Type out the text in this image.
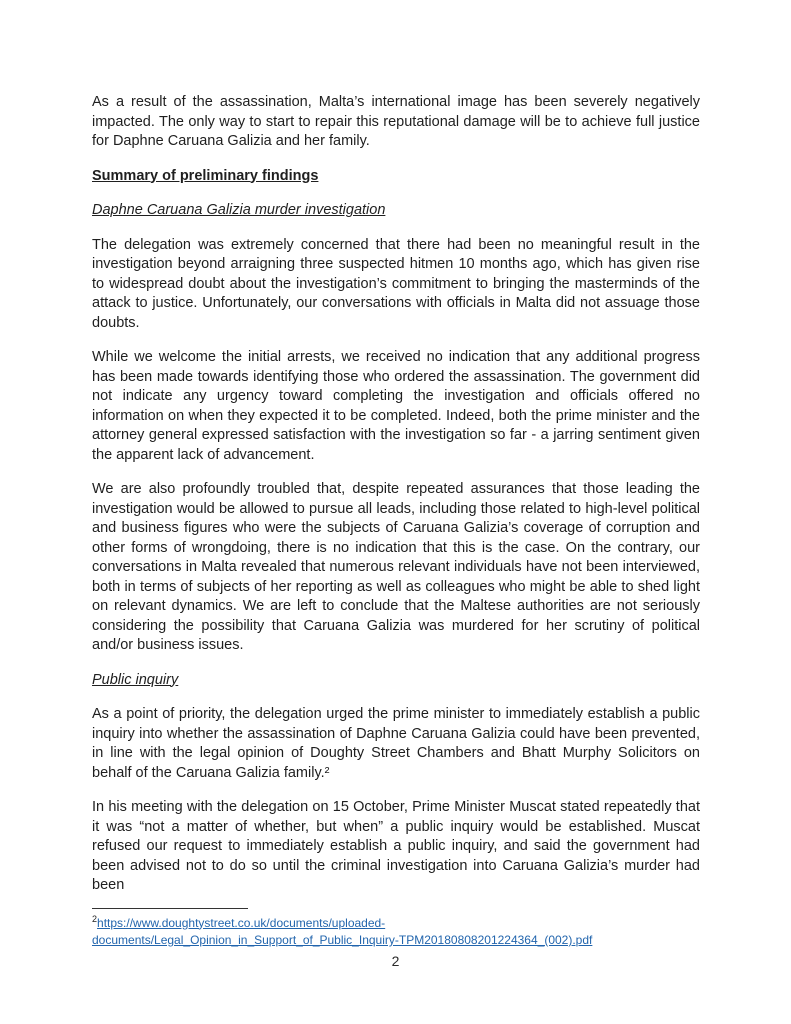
As a result of the assassination, Malta’s international image has been severely negatively impacted. The only way to start to repair this reputational damage will be to achieve full justice for Daphne Caruana Galizia and her family.

Summary of preliminary findings

Daphne Caruana Galizia murder investigation

The delegation was extremely concerned that there had been no meaningful result in the investigation beyond arraigning three suspected hitmen 10 months ago, which has given rise to widespread doubt about the investigation’s commitment to bringing the masterminds of the attack to justice. Unfortunately, our conversations with officials in Malta did not assuage those doubts.

While we welcome the initial arrests, we received no indication that any additional progress has been made towards identifying those who ordered the assassination. The government did not indicate any urgency toward completing the investigation and officials offered no information on when they expected it to be completed. Indeed, both the prime minister and the attorney general expressed satisfaction with the investigation so far - a jarring sentiment given the apparent lack of advancement.

We are also profoundly troubled that, despite repeated assurances that those leading the investigation would be allowed to pursue all leads, including those related to high-level political and business figures who were the subjects of Caruana Galizia’s coverage of corruption and other forms of wrongdoing, there is no indication that this is the case. On the contrary, our conversations in Malta revealed that numerous relevant individuals have not been interviewed, both in terms of subjects of her reporting as well as colleagues who might be able to shed light on relevant dynamics. We are left to conclude that the Maltese authorities are not seriously considering the possibility that Caruana Galizia was murdered for her scrutiny of political and/or business issues.

Public inquiry

As a point of priority, the delegation urged the prime minister to immediately establish a public inquiry into whether the assassination of Daphne Caruana Galizia could have been prevented, in line with the legal opinion of Doughty Street Chambers and Bhatt Murphy Solicitors on behalf of the Caruana Galizia family.²

In his meeting with the delegation on 15 October, Prime Minister Muscat stated repeatedly that it was “not a matter of whether, but when” a public inquiry would be established. Muscat refused our request to immediately establish a public inquiry, and said the government had been advised not to do so until the criminal investigation into Caruana Galizia’s murder had been

$^2$https://www.doughtystreet.co.uk/documents/uploaded-
documents/Legal_Opinion_in_Support_of_Public_Inquiry-TPM20180808201224364_(002).pdf

2
